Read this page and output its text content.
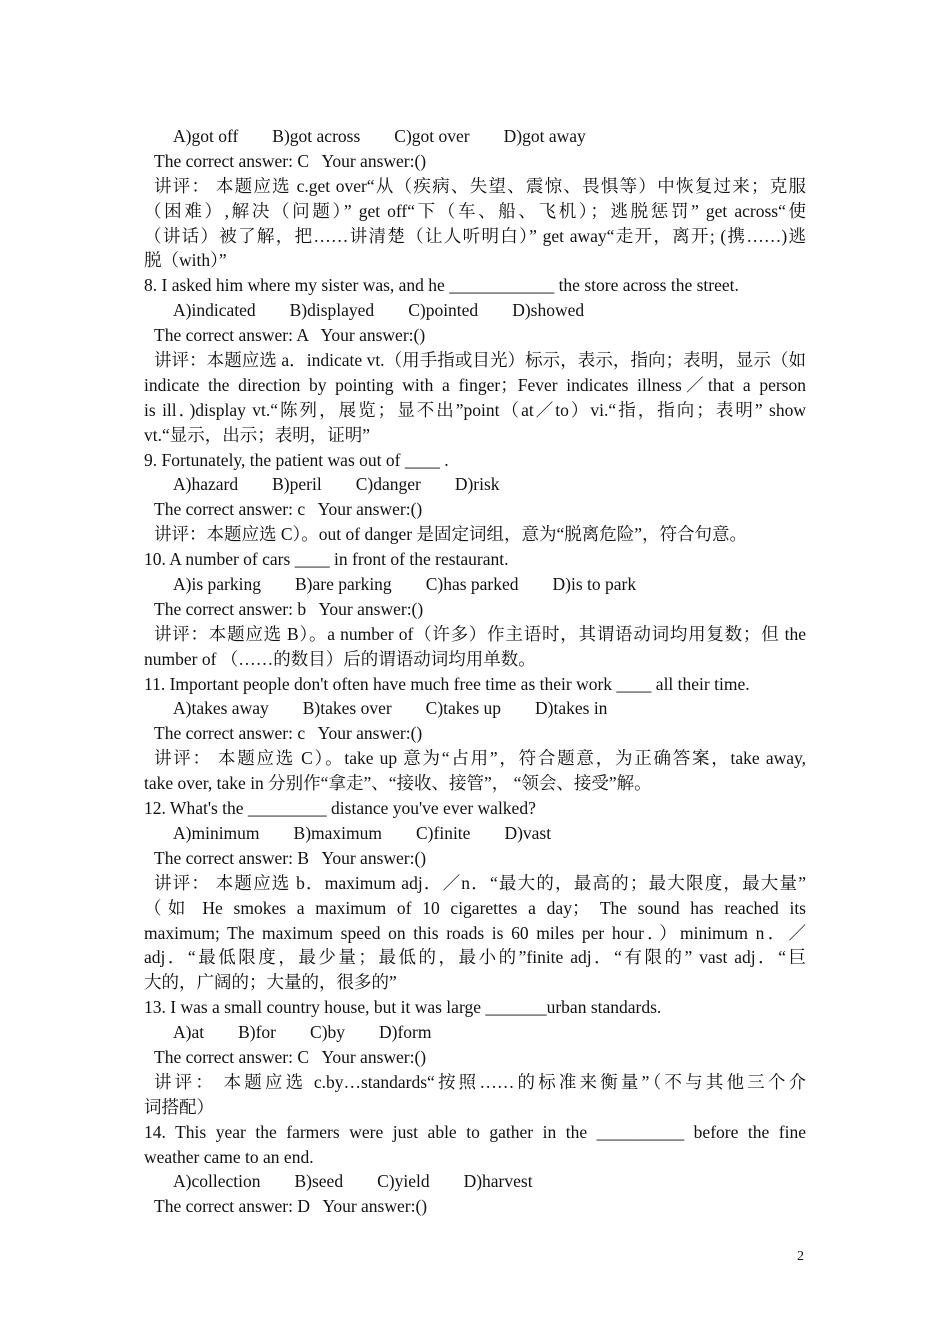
A)got off B)got across C)got over D)got away
The correct answer: C   Your answer:()
讲评： 本题应选 c.get over“从（疾病、失望、震惊、畏惧等）中恢复过来；克服
（困难）,解决（问题）” get off“下（车、船、飞机）；逃脱惩罚” get across“使
（讲话）被了解，把……讲清楚（让人听明白）” get away“走开，离开; (携……)逃
脱（with）”
8. I asked him where my sister was, and he ____________ the store across the street.
A)indicated B)displayed C)pointed D)showed
The correct answer: A   Your answer:()
讲评：本题应选 a．indicate vt.（用手指或目光）标示，表示，指向；表明，显示（如
indicate the direction by pointing with a finger；Fever indicates illness／that a person
is ill．)display vt.“陈列，展览；显不出”point（at／to）vi.“指，指向；表明” show
vt.“显示，出示；表明，证明”
9. Fortunately, the patient was out of ____ .
A)hazard B)peril C)danger D)risk
The correct answer: c   Your answer:()
讲评：本题应选 C）。out of danger 是固定词组，意为“脱离危险”，符合句意。
10. A number of cars ____ in front of the restaurant.
A)is parking B)are parking C)has parked D)is to park
The correct answer: b   Your answer:()
讲评：本题应选 B）。a number of（许多）作主语时，其谓语动词均用复数；但 the
number of （……的数目）后的谓语动词均用单数。
11. Important people don't often have much free time as their work ____ all their time.
A)takes away B)takes over C)takes up D)takes in
The correct answer: c   Your answer:()
讲评： 本题应选 C）。take up 意为“占用”，符合题意，为正确答案，take away,
take over, take in 分别作“拿走”、“接收、接管”， “领会、接受”解。
12. What's the _________ distance you've ever walked?
A)minimum B)maximum C)finite D)vast
The correct answer: B   Your answer:()
讲评： 本题应选 b．maximum adj．／n．“最大的，最高的；最大限度，最大量”
（如 He smokes a maximum of 10 cigarettes a day； The sound has reached its
maximum; The maximum speed on this roads is 60 miles per hour．）minimum n．／
adj．“最低限度，最少量；最低的，最小的”finite adj．“有限的” vast adj．“巨
大的，广阔的；大量的，很多的”
13. I was a small country house, but it was large _______urban standards.
A)at B)for C)by D)form
The correct answer: C   Your answer:()
讲评： 本题应选 c.by…standards“按照……的标准来衡量”（不与其他三个介
词搭配）
14. This year the farmers were just able to gather in the __________ before the fine
weather came to an end.
A)collection B)seed C)yield D)harvest
The correct answer: D   Your answer:()
2
